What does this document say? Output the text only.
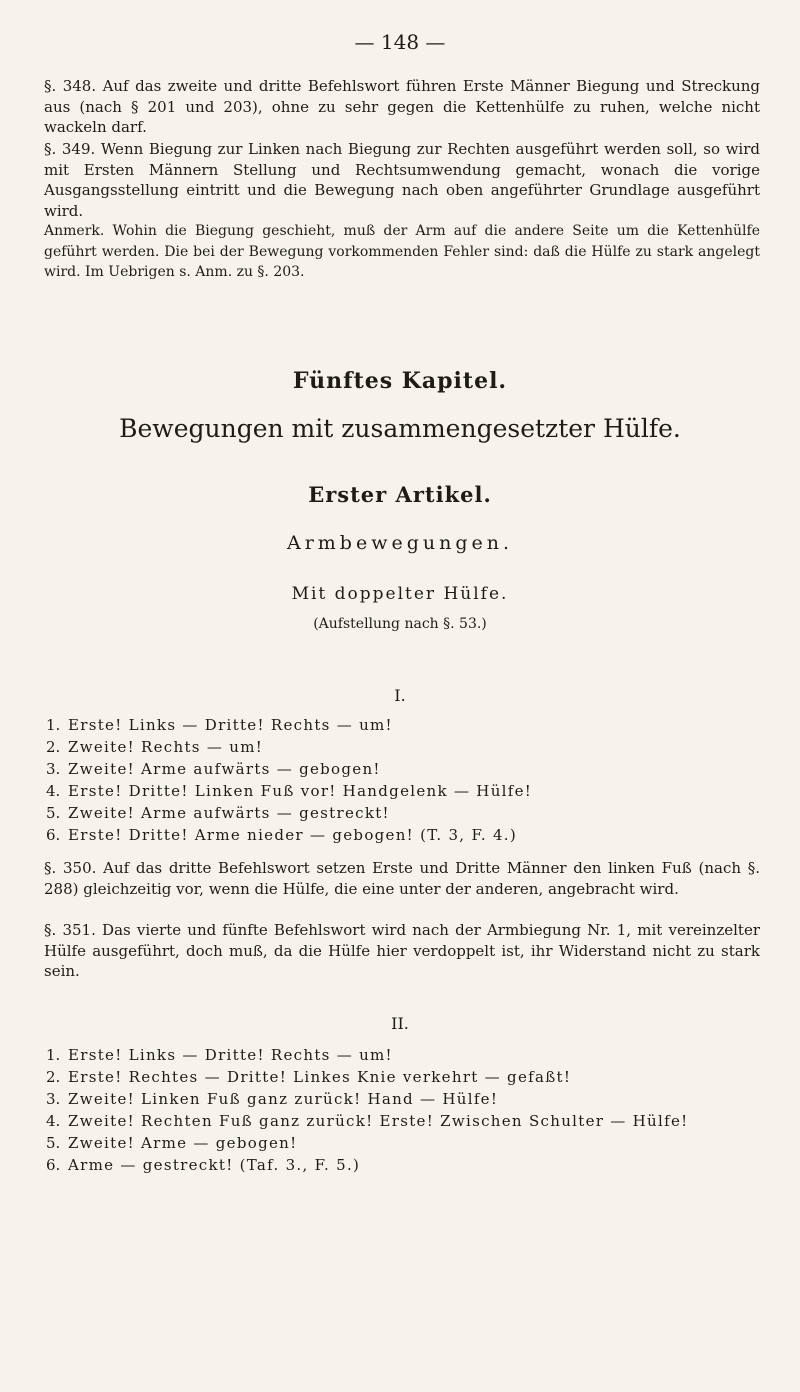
— 148 —

§. 348. Auf das zweite und dritte Befehlswort führen Erste Männer Biegung und Streckung aus (nach § 201 und 203), ohne zu sehr gegen die Kettenhülfe zu ruhen, welche nicht wackeln darf.

§. 349. Wenn Biegung zur Linken nach Biegung zur Rechten ausgeführt werden soll, so wird mit Ersten Männern Stellung und Rechtsumwendung gemacht, wonach die vorige Ausgangsstellung eintritt und die Bewegung nach oben angeführter Grundlage ausgeführt wird.

Anmerk. Wohin die Biegung geschieht, muß der Arm auf die andere Seite um die Kettenhülfe geführt werden. Die bei der Bewegung vorkommenden Fehler sind: daß die Hülfe zu stark angelegt wird. Im Uebrigen s. Anm. zu §. 203.

Fünftes Kapitel.
Bewegungen mit zusammengesetzter Hülfe.
Erster Artikel.
Armbewegungen.
Mit doppelter Hülfe.
(Aufstellung nach §. 53.)
I.
1. Erste! Links — Dritte! Rechts — um!
2. Zweite! Rechts — um!
3. Zweite! Arme aufwärts — gebogen!
4. Erste! Dritte! Linken Fuß vor! Handgelenk — Hülfe!
5. Zweite! Arme aufwärts — gestreckt!
6. Erste! Dritte! Arme nieder — gebogen! (T. 3, F. 4.)

§. 350. Auf das dritte Befehlswort setzen Erste und Dritte Männer den linken Fuß (nach §. 288) gleichzeitig vor, wenn die Hülfe, die eine unter der anderen, angebracht wird.

§. 351. Das vierte und fünfte Befehlswort wird nach der Armbiegung Nr. 1, mit vereinzelter Hülfe ausgeführt, doch muß, da die Hülfe hier verdoppelt ist, ihr Widerstand nicht zu stark sein.

II.
1. Erste! Links — Dritte! Rechts — um!
2. Erste! Rechtes — Dritte! Linkes Knie verkehrt — gefaßt!
3. Zweite! Linken Fuß ganz zurück! Hand — Hülfe!
4. Zweite! Rechten Fuß ganz zurück! Erste! Zwischen Schulter — Hülfe!
5. Zweite! Arme — gebogen!
6. Arme — gestreckt! (Taf. 3., F. 5.)
